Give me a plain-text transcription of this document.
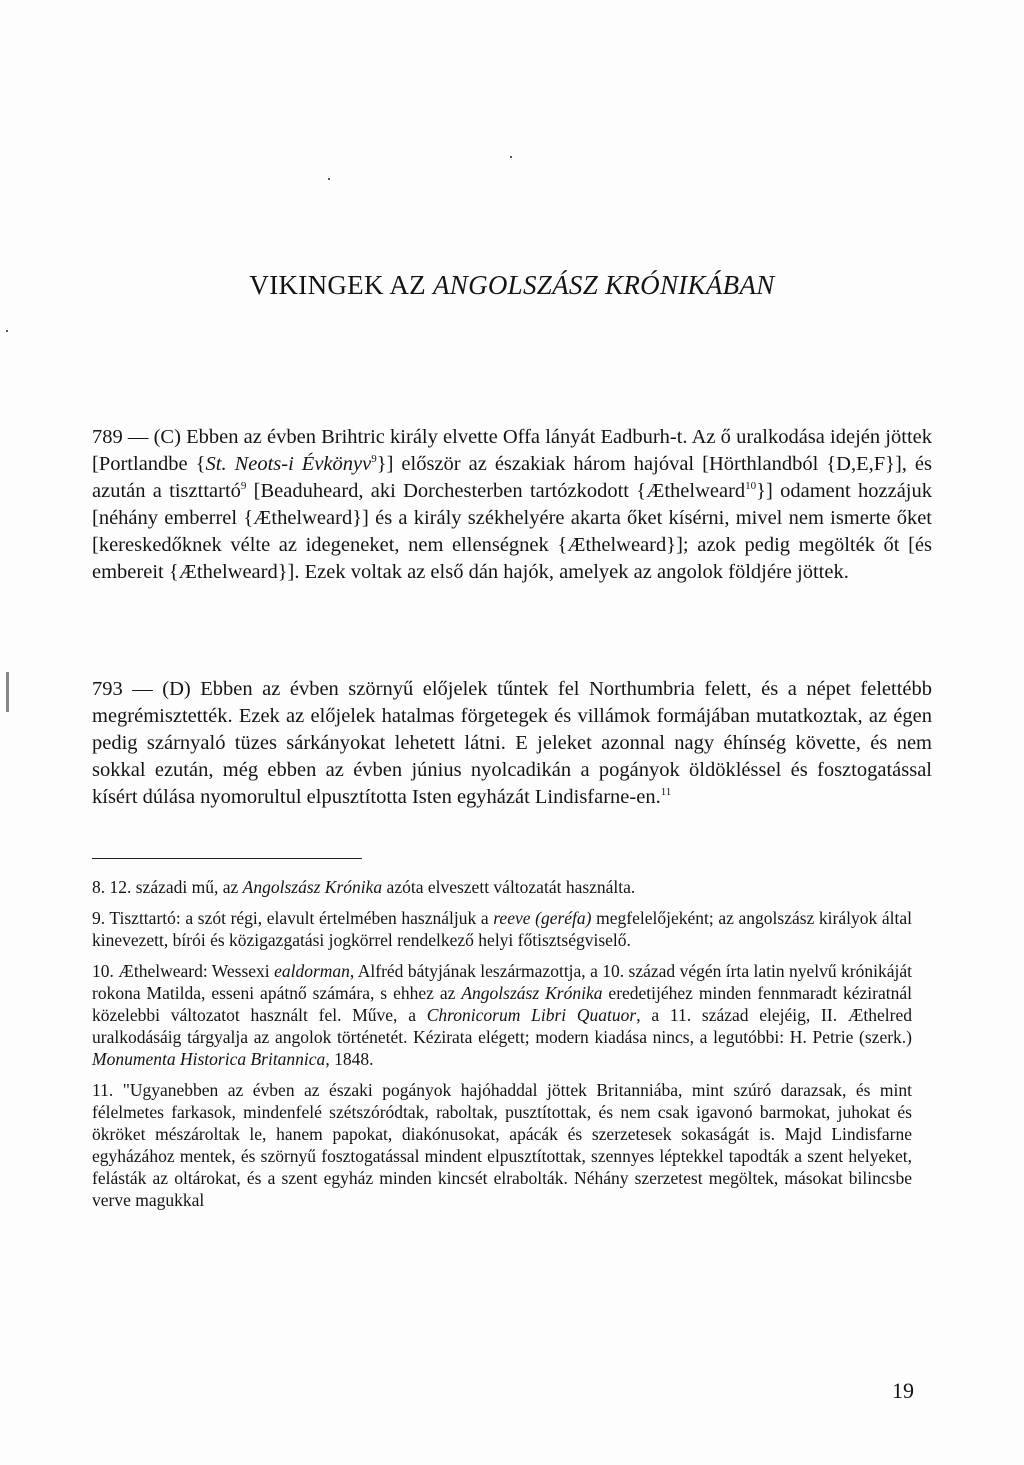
VIKINGEK AZ ANGOLSZÁSZ KRÓNIKÁBAN

789 — (C) Ebben az évben Brihtric király elvette Offa lányát Eadburh-t. Az ő uralkodása idején jöttek [Portlandbe {St. Neots-i Évkönyv$^9$}] először az északiak három hajóval [Hörthlandból {D,E,F}], és azután a tiszttartó$^9$ [Beaduheard, aki Dorchesterben tartózkodott {Æthelweard$^{10}$}] odament hozzájuk [néhány emberrel {Æthelweard}] és a király székhelyére akarta őket kísérni, mivel nem ismerte őket [kereskedőknek vélte az idegeneket, nem ellenségnek {Æthelweard}]; azok pedig megölték őt [és embereit {Æthelweard}]. Ezek voltak az első dán hajók, amelyek az angolok földjére jöttek.

793 — (D) Ebben az évben szörnyű előjelek tűntek fel Northumbria felett, és a népet felettébb megrémisztették. Ezek az előjelek hatalmas förgetegek és villámok formájában mutatkoztak, az égen pedig szárnyaló tüzes sárkányokat lehetett látni. E jeleket azonnal nagy éhínség követte, és nem sokkal ezután, még ebben az évben június nyolcadikán a pogányok öldökléssel és fosztogatással kísért dúlása nyomorultul elpusztította Isten egyházát Lindisfarne-en.$^{11}$

8. 12. századi mű, az Angolszász Krónika azóta elveszett változatát használta.

9. Tiszttartó: a szót régi, elavult értelmében használjuk a reeve (geréfa) megfelelőjeként; az angolszász királyok által kinevezett, bírói és közigazgatási jogkörrel rendelkező helyi főtisztségviselő.

10. Æthelweard: Wessexi ealdorman, Alfréd bátyjának leszármazottja, a 10. század végén írta latin nyelvű krónikáját rokona Matilda, esseni apátnő számára, s ehhez az Angolszász Krónika eredetijéhez minden fennmaradt kéziratnál közelebbi változatot használt fel. Műve, a Chronicorum Libri Quatuor, a 11. század elejéig, II. Æthelred uralkodásáig tárgyalja az angolok történetét. Kézirata elégett; modern kiadása nincs, a legutóbbi: H. Petrie (szerk.) Monumenta Historica Britannica, 1848.

11. "Ugyanebben az évben az északi pogányok hajóhaddal jöttek Britanniába, mint szúró darazsak, és mint félelmetes farkasok, mindenfelé szétszóródtak, raboltak, pusztítottak, és nem csak igavonó barmokat, juhokat és ökröket mészároltak le, hanem papokat, diakónusokat, apácák és szerzetesek sokaságát is. Majd Lindisfarne egyházához mentek, és szörnyű fosztogatással mindent elpusztítottak, szennyes léptekkel tapodták a szent helyeket, felásták az oltárokat, és a szent egyház minden kincsét elrabolták. Néhány szerzetest megöltek, másokat bilincsbe verve magukkal

19
